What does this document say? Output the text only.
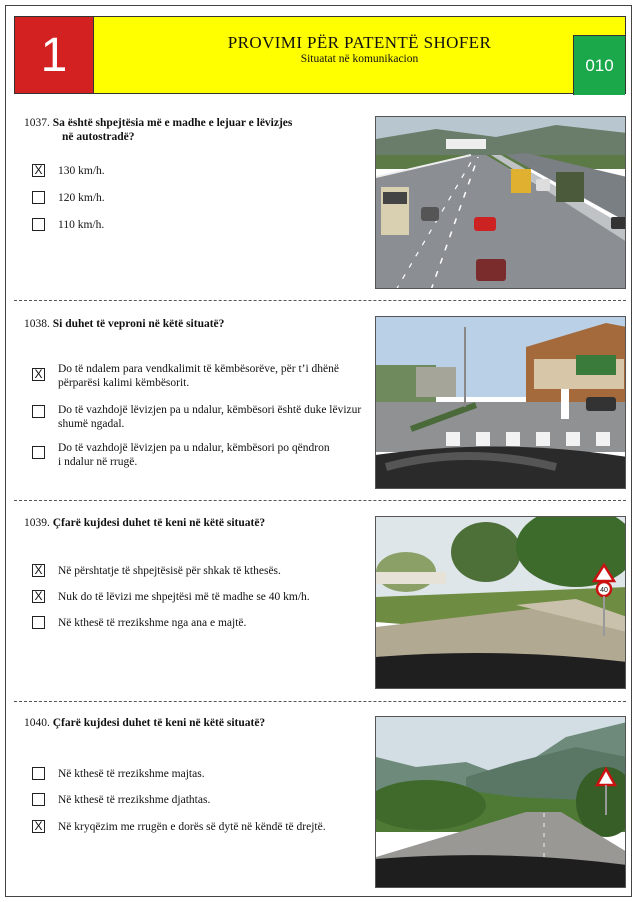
1	PROVIMI PËR PATENTË SHOFER
Situatat në komunikacion	010
1037. Sa është shpejtësia më e madhe e lejuar e lëvizjes
në autostradë?
X 130 km/h.
120 km/h.
110 km/h.
1038. Si duhet të veproni në këtë situatë?
X Do të ndalem para vendkalimit të këmbësorëve, për t’i dhënë
përparësi kalimi këmbësorit.
Do të vazhdojë lëvizjen pa u ndalur, këmbësori është duke lëvizur
shumë ngadal.
Do të vazhdojë lëvizjen pa u ndalur, këmbësori po qëndron
i ndalur në rrugë.
1039. Çfarë kujdesi duhet të keni në këtë situatë?
X Në përshtatje të shpejtësisë për shkak të kthesës.
X Nuk do të lëvizi me shpejtësi më të madhe se 40 km/h.
Në kthesë të rrezikshme nga ana e majtë.
40
1040. Çfarë kujdesi duhet të keni në këtë situatë?
Në kthesë të rrezikshme majtas.
Në kthesë të rrezikshme djathtas.
X Në kryqëzim me rrugën e dorës së dytë në këndë të drejtë.
